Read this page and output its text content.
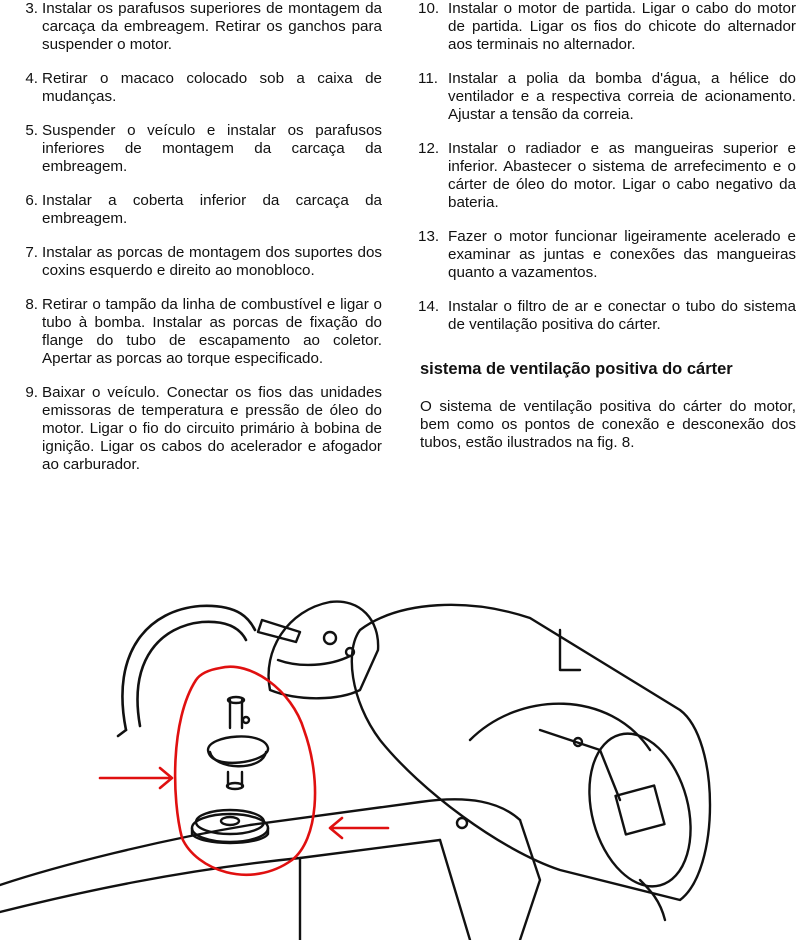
3. Instalar os parafusos superiores de montagem da carcaça da embreagem. Retirar os ganchos para suspender o motor.
4. Retirar o macaco colocado sob a caixa de mudanças.
5. Suspender o veículo e instalar os parafusos inferiores de montagem da carcaça da embreagem.
6. Instalar a coberta inferior da carcaça da embreagem.
7. Instalar as porcas de montagem dos suportes dos coxins esquerdo e direito ao monobloco.
8. Retirar o tampão da linha de combustível e ligar o tubo à bomba. Instalar as porcas de fixação do flange do tubo de escapamento ao coletor. Apertar as porcas ao torque especificado.
9. Baixar o veículo. Conectar os fios das unidades emissoras de temperatura e pressão de óleo do motor. Ligar o fio do circuito primário à bobina de ignição. Ligar os cabos do acelerador e afogador ao carburador.
10. Instalar o motor de partida. Ligar o cabo do motor de partida. Ligar os fios do chicote do alternador aos terminais no alternador.
11. Instalar a polia da bomba d'água, a hélice do ventilador e a respectiva correia de acionamento. Ajustar a tensão da correia.
12. Instalar o radiador e as mangueiras superior e inferior. Abastecer o sistema de arrefecimento e o cárter de óleo do motor. Ligar o cabo negativo da bateria.
13. Fazer o motor funcionar ligeiramente acelerado e examinar as juntas e conexões das mangueiras quanto a vazamentos.
14. Instalar o filtro de ar e conectar o tubo do sistema de ventilação positiva do cárter.
sistema de ventilação positiva do cárter
O sistema de ventilação positiva do cárter do motor, bem como os pontos de conexão e desconexão dos tubos, estão ilustrados na fig. 8.
